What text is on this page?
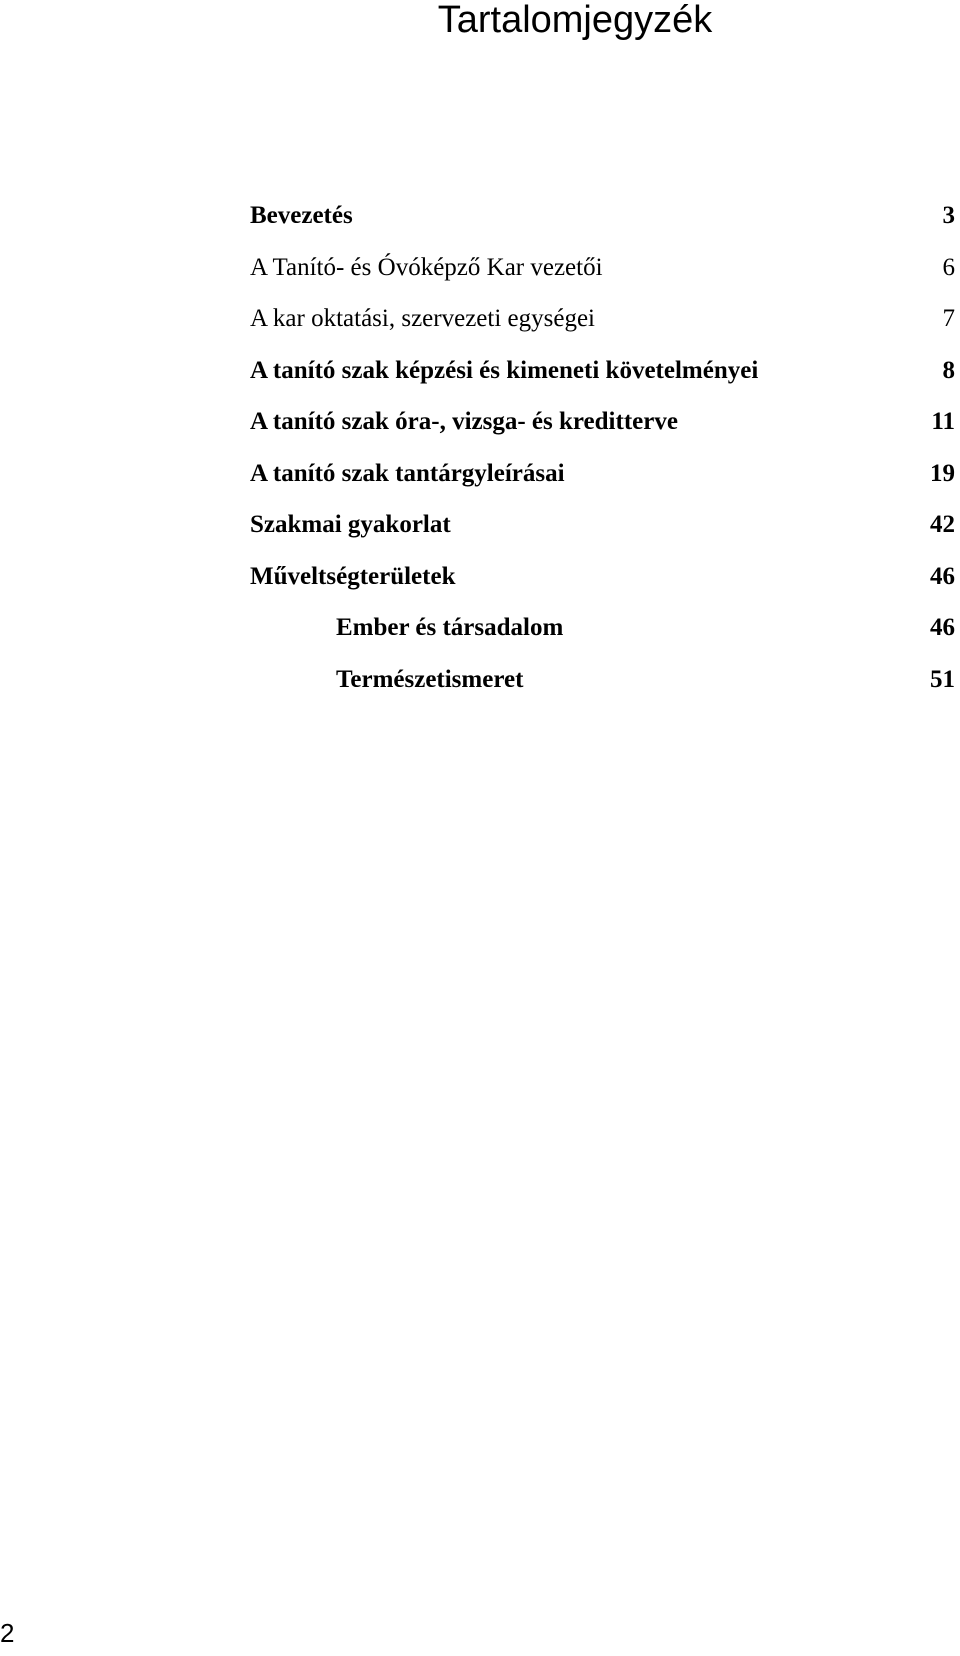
Tartalomjegyzék
Bevezetés	3
A Tanító- és Óvóképző Kar vezetői	6
A kar oktatási, szervezeti egységei	7
A tanító szak képzési és kimeneti követelményei	8
A tanító szak óra-, vizsga- és kreditterve	11
A tanító szak tantárgyleírásai	19
Szakmai gyakorlat	42
Műveltségterületek	46
Ember és társadalom	46
Természetismeret	51
2
